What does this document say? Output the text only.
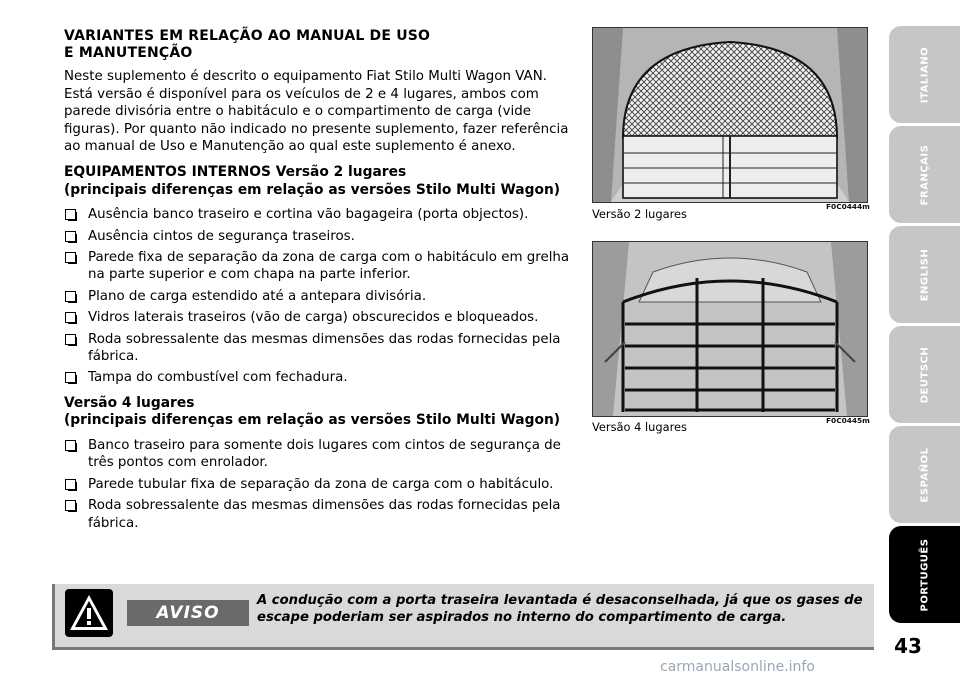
VARIANTES EM RELAÇÃO AO MANUAL DE USO
E MANUTENÇÃO

Neste suplemento é descrito o equipamento Fiat Stilo Multi Wagon VAN. Está versão é disponível para os veículos de 2 e 4 lugares, ambos com parede divisória entre o habitáculo e o compartimento de carga (vide figuras). Por quanto não indicado no presente suplemento, fazer referência ao manual de Uso e Manutenção ao qual este suplemento é anexo.

EQUIPAMENTOS INTERNOS Versão 2 lugares
(principais diferenças em relação as versões Stilo Multi Wagon)
Ausência banco traseiro e cortina vão bagageira (porta objectos).
Ausência cintos de segurança traseiros.
Parede fixa de separação da zona de carga com o habitáculo em grelha na parte superior e com chapa na parte inferior.
Plano de carga estendido até a antepara divisória.
Vidros laterais traseiros (vão de carga) obscurecidos e bloqueados.
Roda sobressalente das mesmas dimensões das rodas fornecidas pela fábrica.
Tampa do combustível com fechadura.
Versão 4 lugares
(principais diferenças em relação as versões Stilo Multi Wagon)
Banco traseiro para somente dois lugares com cintos de segurança de três pontos com enrolador.
Parede tubular fixa de separação da zona de carga com o habitáculo.
Roda sobressalente das mesmas dimensões das rodas fornecidas pela fábrica.
Versão 2 lugares
F0C0444m
Versão 4 lugares	F0C0445m
AVISO
A condução com a porta traseira levantada é desaconselhada, já que os gases de escape poderiam ser aspirados no interno do compartimento de carga.
ITALIANO
FRANÇAIS
ENGLISH
DEUTSCH
ESPAÑOL
PORTUGUÊS
43
carmanualsonline.info
